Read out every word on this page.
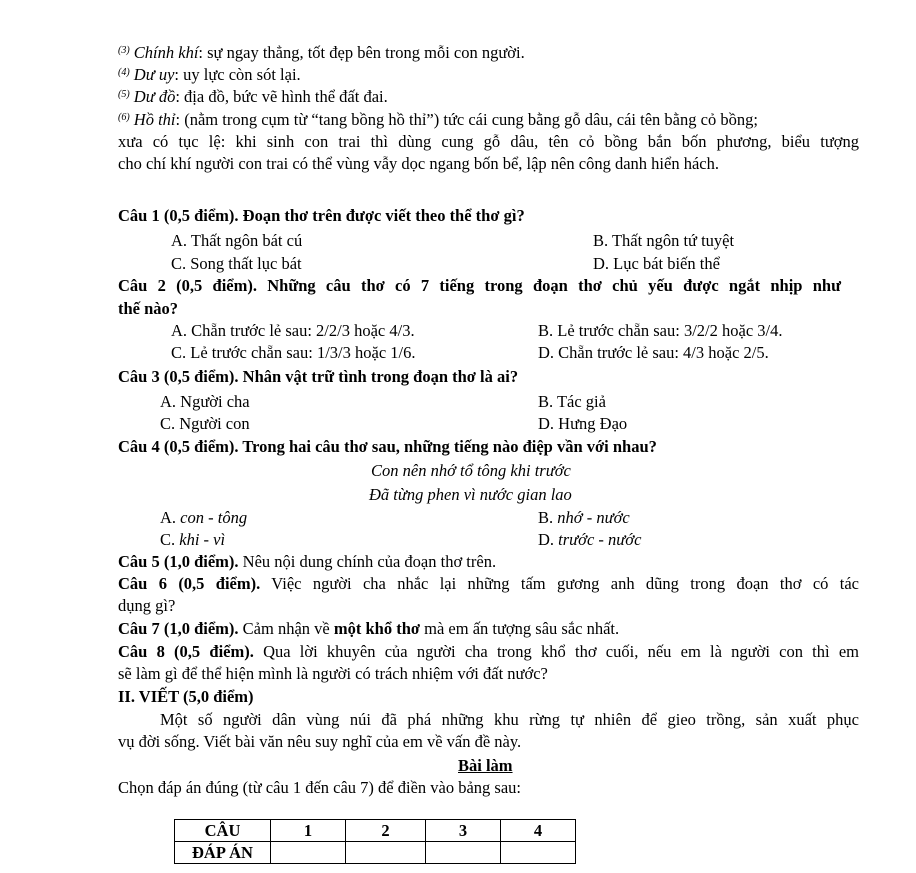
$^{(3)}$ Chính khí: sự ngay thẳng, tốt đẹp bên trong mỗi con người.
$^{(4)}$ Dư uy: uy lực còn sót lại.
$^{(5)}$ Dư đồ: địa đồ, bức vẽ hình thể đất đai.
$^{(6)}$ Hồ thỉ: (nằm trong cụm từ “tang bồng hồ thỉ”) tức cái cung bằng gỗ dâu, cái tên bằng cỏ bồng;
xưa có tục lệ: khi sinh con trai thì dùng cung gỗ dâu, tên cỏ bồng bắn bốn phương, biểu tượng
cho chí khí người con trai có thể vùng vẫy dọc ngang bốn bể, lập nên công danh hiển hách.
Câu 1 (0,5 điểm). Đoạn thơ trên được viết theo thể thơ gì?
A. Thất ngôn bát cú	B. Thất ngôn tứ tuyệt
C. Song thất lục bát	D. Lục bát biến thể
Câu 2 (0,5 điểm). Những câu thơ có 7 tiếng trong đoạn thơ chủ yếu được ngắt nhịp như
thế nào?
A. Chẵn trước lẻ sau: 2/2/3 hoặc 4/3.	B. Lẻ trước chẵn sau: 3/2/2 hoặc 3/4.
C. Lẻ trước chẵn sau: 1/3/3 hoặc 1/6.	D. Chẵn trước lẻ sau: 4/3 hoặc 2/5.
Câu 3 (0,5 điểm). Nhân vật trữ tình trong đoạn thơ là ai?
A. Người cha	B. Tác giả
C. Người con	D. Hưng Đạo
Câu 4 (0,5 điểm). Trong hai câu thơ sau, những tiếng nào điệp vần với nhau?
Con nên nhớ tổ tông khi trước
Đã từng phen vì nước gian lao
A. con - tông	B. nhớ - nước
C. khi - vì	D. trước - nước
Câu 5 (1,0 điểm). Nêu nội dung chính của đoạn thơ trên.
Câu 6 (0,5 điểm). Việc người cha nhắc lại những tấm gương anh dũng trong đoạn thơ có tác
dụng gì?
Câu 7 (1,0 điểm). Cảm nhận về một khổ thơ mà em ấn tượng sâu sắc nhất.
Câu 8 (0,5 điểm). Qua lời khuyên của người cha trong khổ thơ cuối, nếu em là người con thì em
sẽ làm gì để thể hiện mình là người có trách nhiệm với đất nước?
II. VIẾT (5,0 điểm)
Một số người dân vùng núi đã phá những khu rừng tự nhiên để gieo trồng, sản xuất phục
vụ đời sống. Viết bài văn nêu suy nghĩ của em về vấn đề này.
Bài làm
Chọn đáp án đúng (từ câu 1 đến câu 7) để điền vào bảng sau:
CÂU	1	2	3	4
ĐÁP ÁN				
